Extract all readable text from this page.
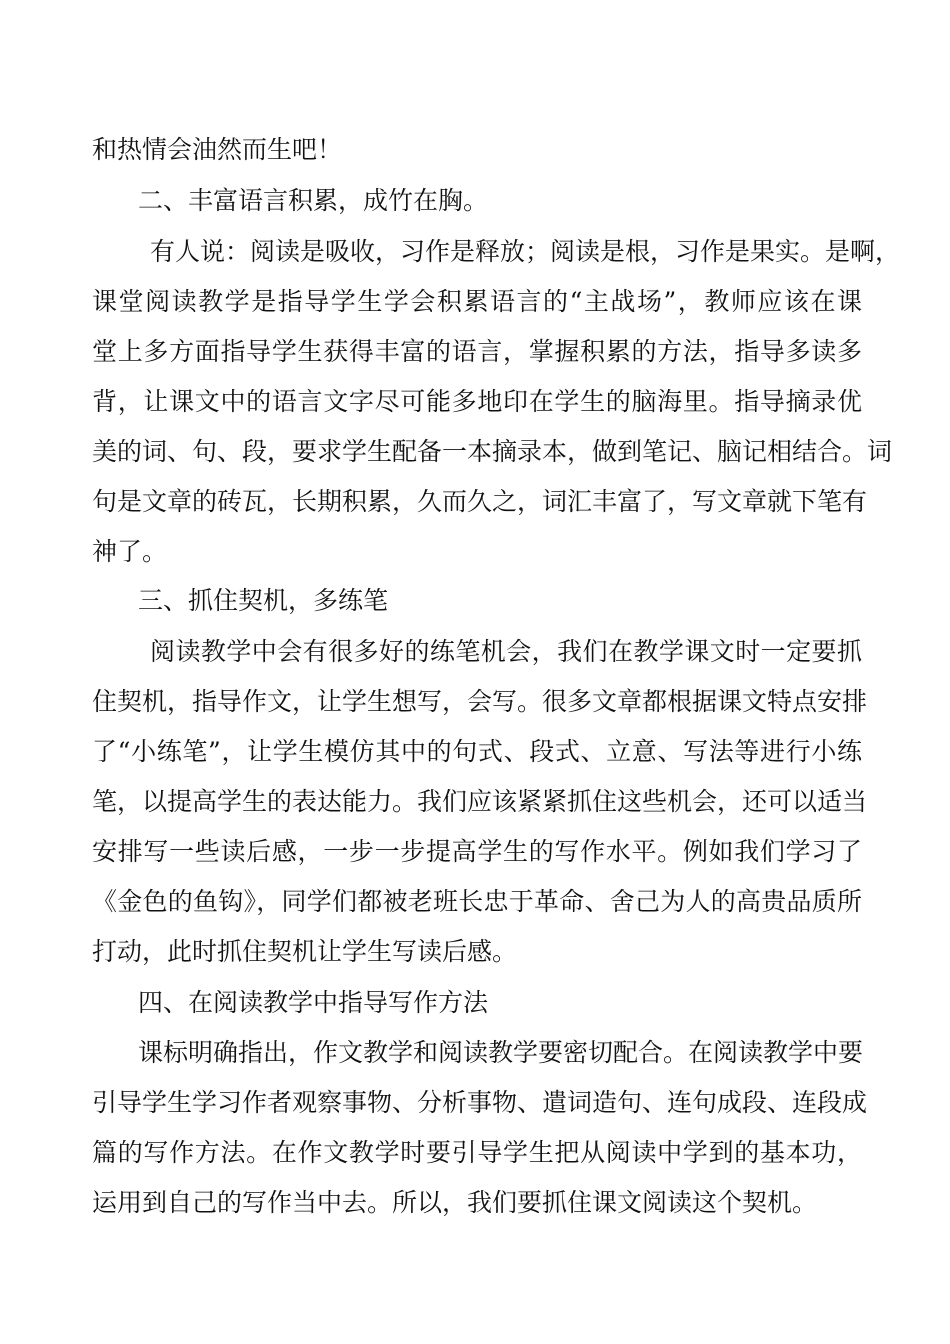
和热情会油然而生吧！
二、丰富语言积累，成竹在胸。
有人说：阅读是吸收，习作是释放；阅读是根，习作是果实。是啊，
课堂阅读教学是指导学生学会积累语言的“主战场”，教师应该在课
堂上多方面指导学生获得丰富的语言，掌握积累的方法，指导多读多
背，让课文中的语言文字尽可能多地印在学生的脑海里。指导摘录优
美的词、句、段，要求学生配备一本摘录本，做到笔记、脑记相结合。词
句是文章的砖瓦，长期积累，久而久之，词汇丰富了，写文章就下笔有
神了。
三、抓住契机，多练笔
阅读教学中会有很多好的练笔机会，我们在教学课文时一定要抓
住契机，指导作文，让学生想写，会写。很多文章都根据课文特点安排
了“小练笔”，让学生模仿其中的句式、段式、立意、写法等进行小练
笔，以提高学生的表达能力。我们应该紧紧抓住这些机会，还可以适当
安排写一些读后感，一步一步提高学生的写作水平。例如我们学习了
《金色的鱼钩》，同学们都被老班长忠于革命、舍己为人的高贵品质所
打动，此时抓住契机让学生写读后感。
四、在阅读教学中指导写作方法
课标明确指出，作文教学和阅读教学要密切配合。在阅读教学中要
引导学生学习作者观察事物、分析事物、遣词造句、连句成段、连段成
篇的写作方法。在作文教学时要引导学生把从阅读中学到的基本功，
运用到自己的写作当中去。所以，我们要抓住课文阅读这个契机。
